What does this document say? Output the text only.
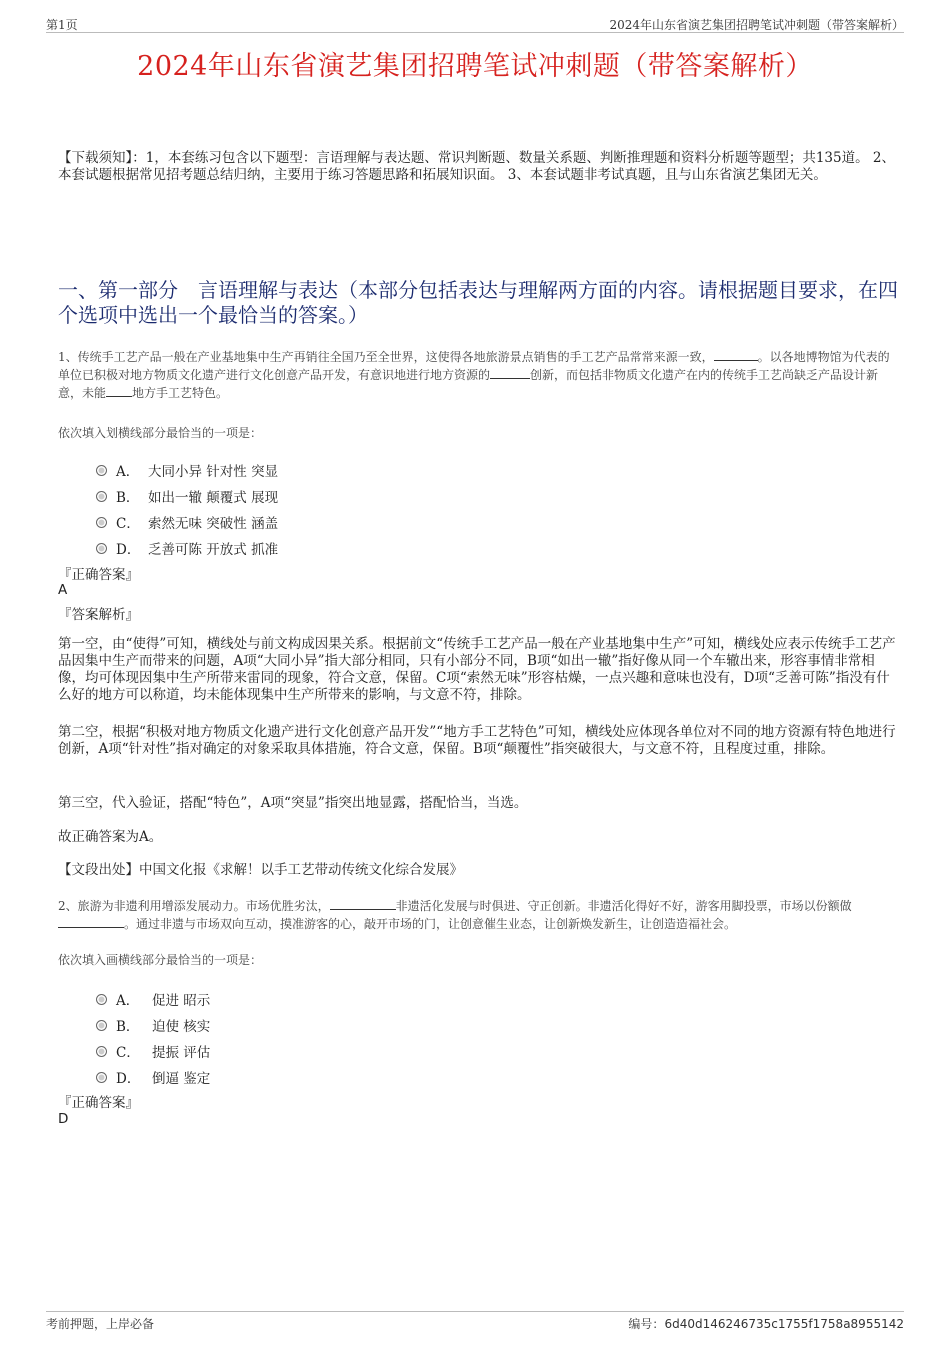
第1页	2024年山东省演艺集团招聘笔试冲刺题（带答案解析）
2024年山东省演艺集团招聘笔试冲刺题（带答案解析）
【下载须知】：1，本套练习包含以下题型：言语理解与表达题、常识判断题、数量关系题、判断推理题和资料分析题等题型；共135道。 2、本套试题根据常见招考题总结归纳，主要用于练习答题思路和拓展知识面。 3、本套试题非考试真题，且与山东省演艺集团无关。
一、第一部分　言语理解与表达（本部分包括表达与理解两方面的内容。请根据题目要求，在四个选项中选出一个最恰当的答案。）
1、传统手工艺产品一般在产业基地集中生产再销往全国乃至全世界，这使得各地旅游景点销售的手工艺产品常常来源一致，	。以各地博物馆为代表的单位已积极对地方物质文化遗产进行文化创意产品开发，有意识地进行地方资源的	创新，而包括非物质文化遗产在内的传统手工艺尚缺乏产品设计新意，未能 地方手工艺特色。
依次填入划横线部分最恰当的一项是：
A． 大同小异 针对性 突显
B． 如出一辙 颠覆式 展现
C． 索然无味 突破性 涵盖
D． 乏善可陈 开放式 抓准
『正确答案』
A
『答案解析』
第一空，由“使得”可知，横线处与前文构成因果关系。根据前文“传统手工艺产品一般在产业基地集中生产”可知，横线处应表示传统手工艺产品因集中生产而带来的问题，A项“大同小异”指大部分相同，只有小部分不同，B项“如出一辙”指好像从同一个车辙出来，形容事情非常相像，均可体现因集中生产所带来雷同的现象，符合文意，保留。C项“索然无味”形容枯燥，一点兴趣和意味也没有，D项“乏善可陈”指没有什么好的地方可以称道，均未能体现集中生产所带来的影响，与文意不符，排除。
第二空，根据“积极对地方物质文化遗产进行文化创意产品开发”“地方手工艺特色”可知，横线处应体现各单位对不同的地方资源有特色地进行创新，A项“针对性”指对确定的对象采取具体措施，符合文意，保留。B项“颠覆性”指突破很大，与文意不符，且程度过重，排除。
第三空，代入验证，搭配“特色”，A项“突显”指突出地显露，搭配恰当，当选。
故正确答案为A。
【文段出处】中国文化报《求解！以手工艺带动传统文化综合发展》
2、旅游为非遗利用增添发展动力。市场优胜劣汰，	非遗活化发展与时俱进、守正创新。非遗活化得好不好，游客用脚投票，市场以份额做。通过非遗与市场双向互动，摸准游客的心，敲开市场的门，让创意催生业态，让创新焕发新生，让创造造福社会。
依次填入画横线部分最恰当的一项是：
A． 促进 昭示
B． 迫使 核实
C． 提振 评估
D． 倒逼 鉴定
『正确答案』
D
考前押题，上岸必备	编号：6d40d146246735c1755f1758a8955142
